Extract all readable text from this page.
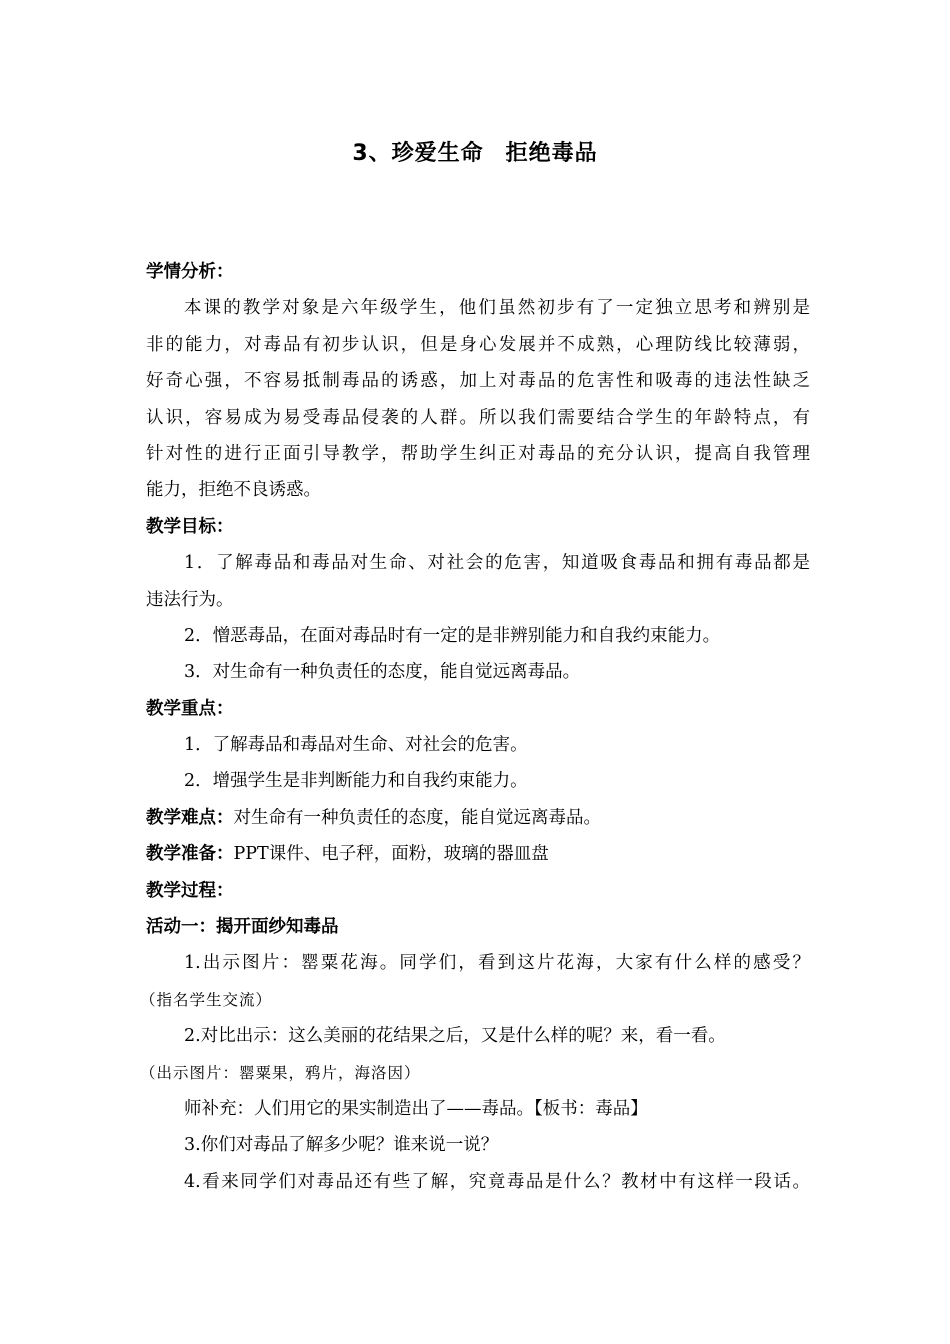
3、珍爱生命 拒绝毒品
学情分析：
本课的教学对象是六年级学生，他们虽然初步有了一定独立思考和辨别是
非的能力，对毒品有初步认识，但是身心发展并不成熟，心理防线比较薄弱，
好奇心强，不容易抵制毒品的诱惑，加上对毒品的危害性和吸毒的违法性缺乏
认识，容易成为易受毒品侵袭的人群。所以我们需要结合学生的年龄特点，有
针对性的进行正面引导教学，帮助学生纠正对毒品的充分认识，提高自我管理
能力，拒绝不良诱惑。
教学目标：
1．了解毒品和毒品对生命、对社会的危害，知道吸食毒品和拥有毒品都是
违法行为。
2．憎恶毒品，在面对毒品时有一定的是非辨别能力和自我约束能力。
3．对生命有一种负责任的态度，能自觉远离毒品。
教学重点：
1．了解毒品和毒品对生命、对社会的危害。
2．增强学生是非判断能力和自我约束能力。
教学难点：对生命有一种负责任的态度，能自觉远离毒品。
教学准备：PPT课件、电子秤，面粉，玻璃的器皿盘
教学过程：
活动一：揭开面纱知毒品
1.出示图片：罂粟花海。同学们，看到这片花海，大家有什么样的感受？
（指名学生交流）
2.对比出示：这么美丽的花结果之后，又是什么样的呢？来，看一看。
（出示图片：罂粟果，鸦片，海洛因）
师补充：人们用它的果实制造出了——毒品。【板书：毒品】
3.你们对毒品了解多少呢？谁来说一说？
4.看来同学们对毒品还有些了解，究竟毒品是什么？教材中有这样一段话。
